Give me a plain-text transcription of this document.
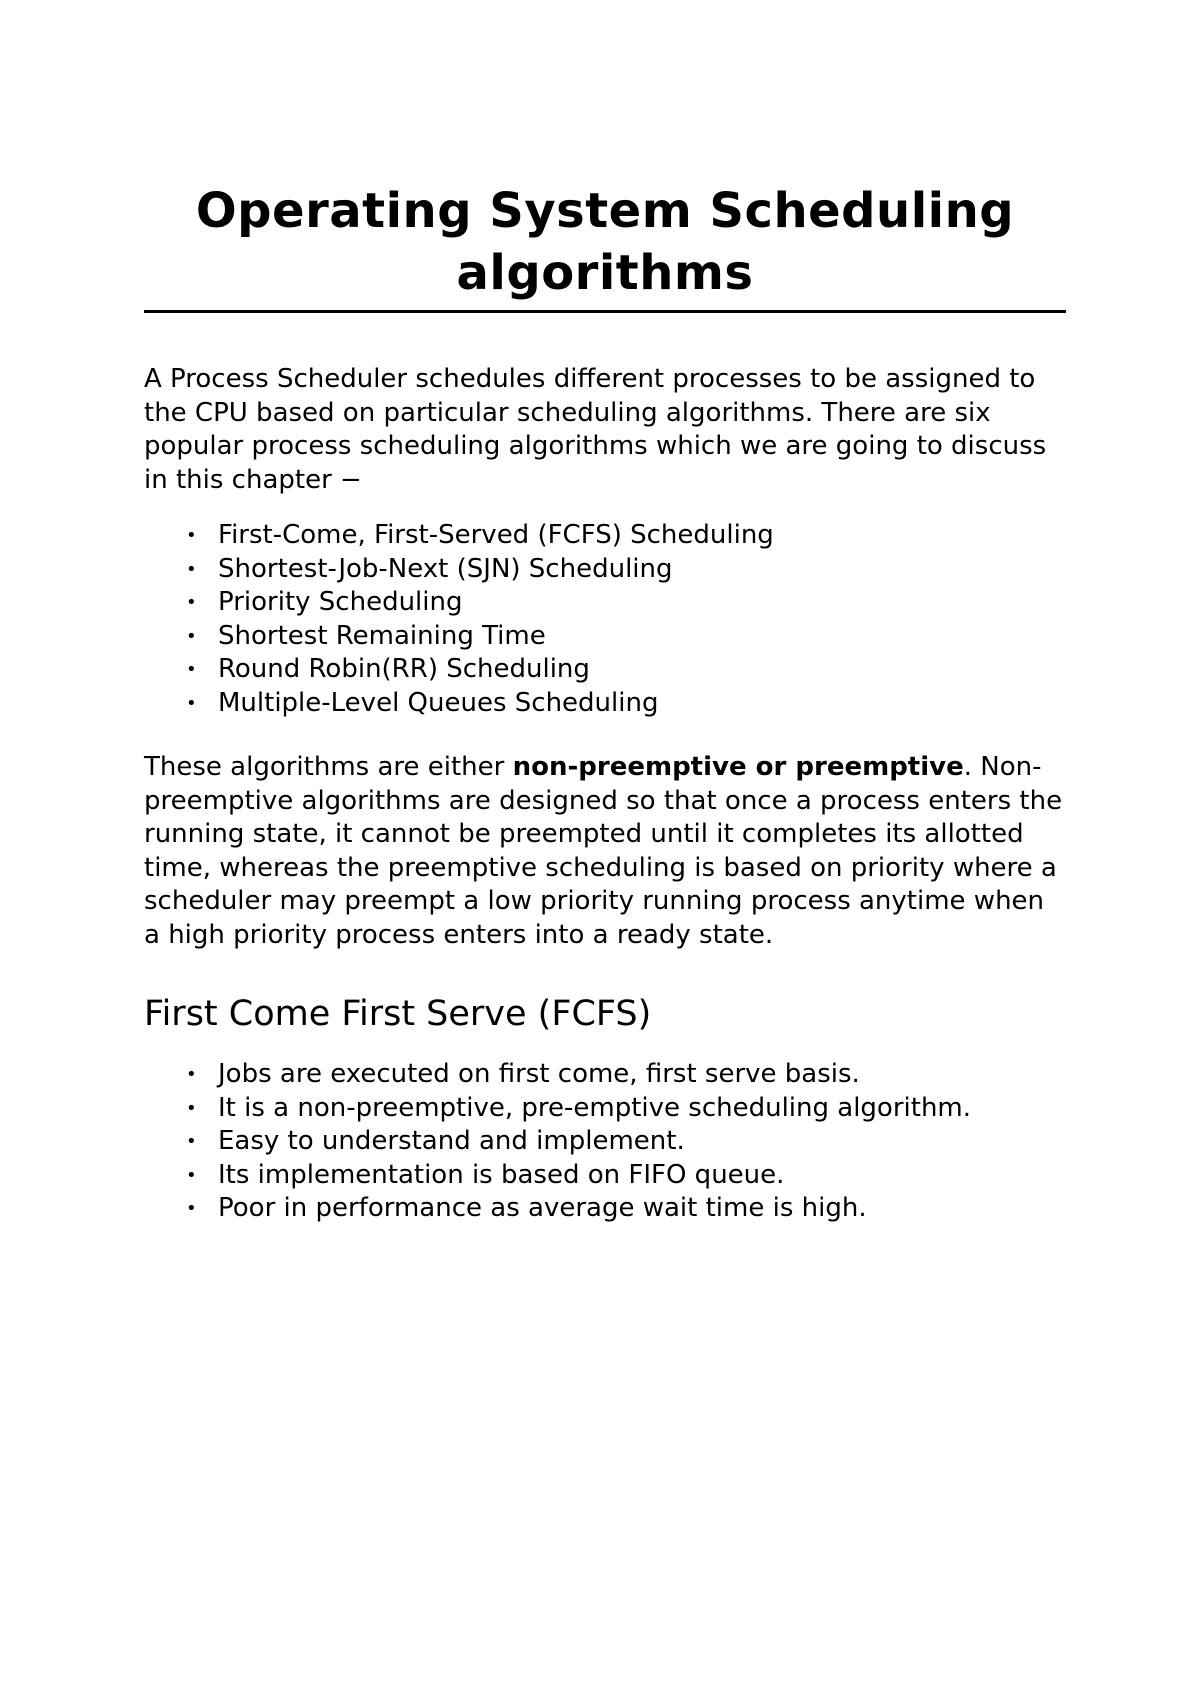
Operating System Scheduling algorithms

A Process Scheduler schedules different processes to be assigned to the CPU based on particular scheduling algorithms. There are six popular process scheduling algorithms which we are going to discuss in this chapter −

• First-Come, First-Served (FCFS) Scheduling
• Shortest-Job-Next (SJN) Scheduling
• Priority Scheduling
• Shortest Remaining Time
• Round Robin(RR) Scheduling
• Multiple-Level Queues Scheduling

These algorithms are either non-preemptive or preemptive. Non-preemptive algorithms are designed so that once a process enters the running state, it cannot be preempted until it completes its allotted time, whereas the preemptive scheduling is based on priority where a scheduler may preempt a low priority running process anytime when a high priority process enters into a ready state.

First Come First Serve (FCFS)
• Jobs are executed on first come, first serve basis.
• It is a non-preemptive, pre-emptive scheduling algorithm.
• Easy to understand and implement.
• Its implementation is based on FIFO queue.
• Poor in performance as average wait time is high.
